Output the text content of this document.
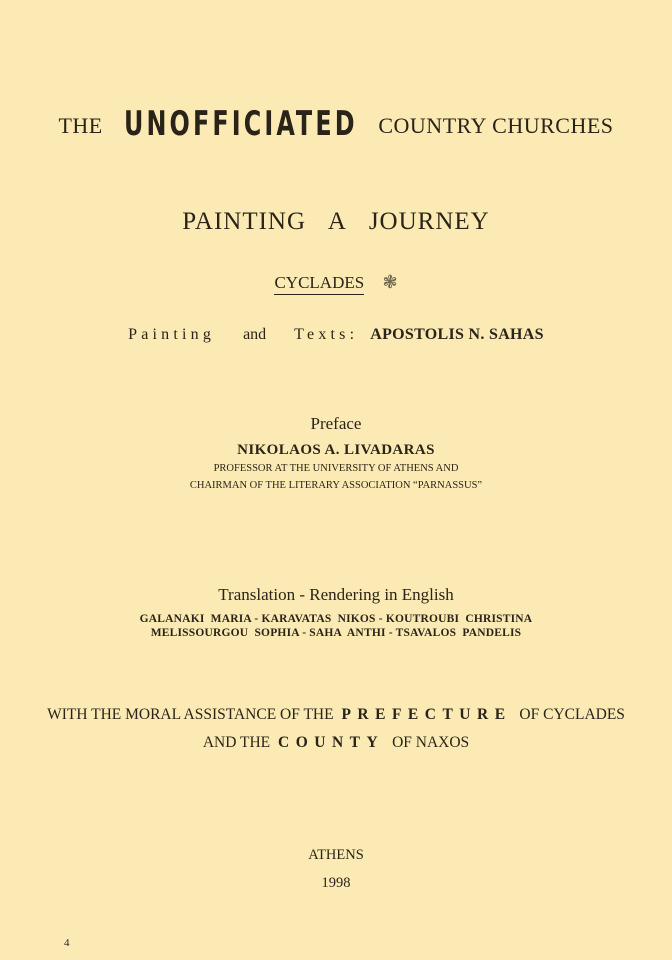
THE UNOFFICIATED COUNTRY CHURCHES
PAINTING A JOURNEY
CYCLADES ❃
Painting and Texts: APOSTOLIS N. SAHAS
Preface
NIKOLAOS A. LIVADARAS
PROFESSOR AT THE UNIVERSITY OF ATHENS AND
CHAIRMAN OF THE LITERARY ASSOCIATION “PARNASSUS”
Translation - Rendering in English
GALANAKI  MARIA - KARAVATAS  NIKOS - KOUTROUBI  CHRISTINA
MELISSOURGOU  SOPHIA - SAHA  ANTHI - TSAVALOS  PANDELIS
WITH THE MORAL ASSISTANCE OF THE PREFECTURE OF CYCLADES
AND THE COUNTY OF NAXOS
ATHENS
1998
4
